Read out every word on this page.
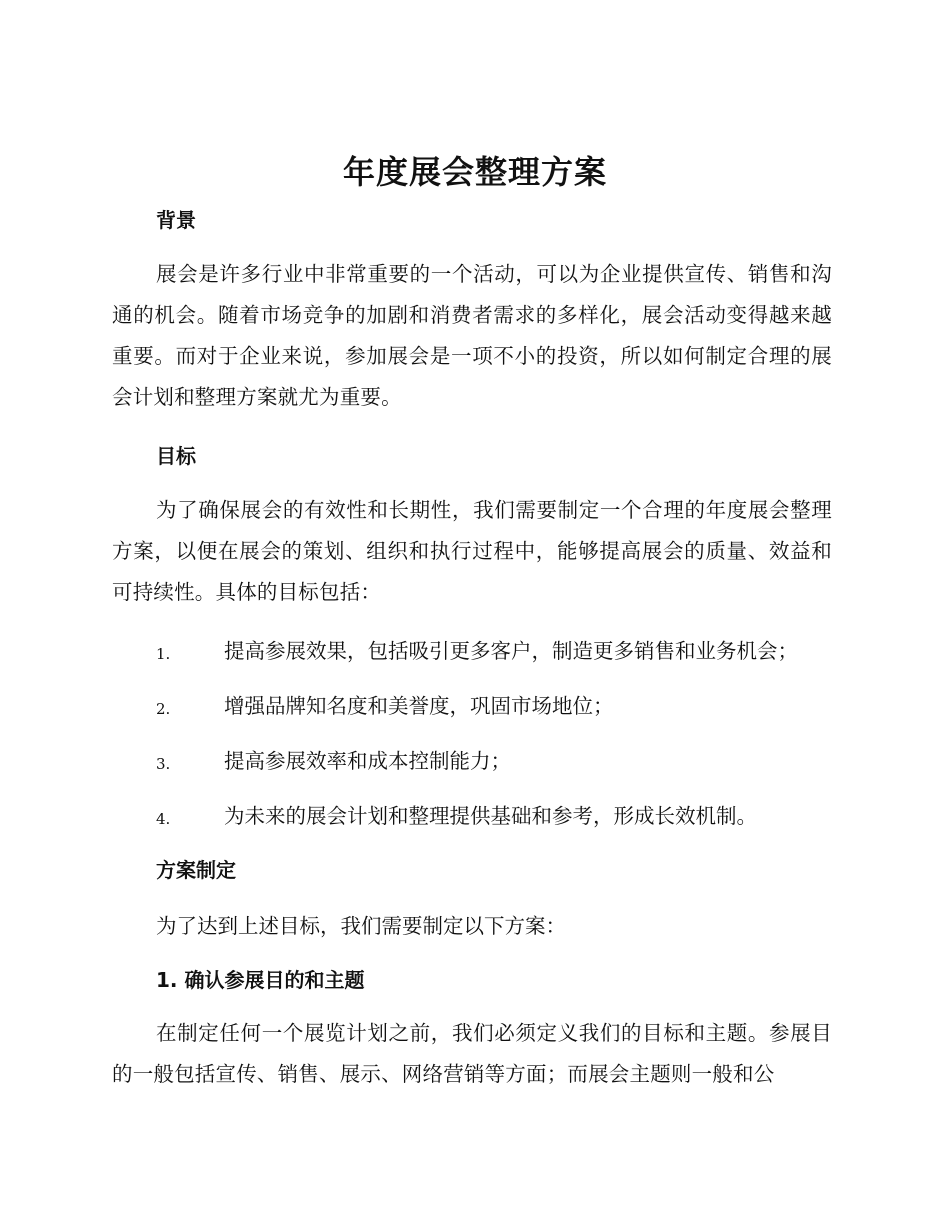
年度展会整理方案
背景
展会是许多行业中非常重要的一个活动，可以为企业提供宣传、销售和沟通的机会。随着市场竞争的加剧和消费者需求的多样化，展会活动变得越来越重要。而对于企业来说，参加展会是一项不小的投资，所以如何制定合理的展会计划和整理方案就尤为重要。
目标
为了确保展会的有效性和长期性，我们需要制定一个合理的年度展会整理方案，以便在展会的策划、组织和执行过程中，能够提高展会的质量、效益和可持续性。具体的目标包括：
1.	提高参展效果，包括吸引更多客户，制造更多销售和业务机会；
2.	增强品牌知名度和美誉度，巩固市场地位；
3.	提高参展效率和成本控制能力；
4.	为未来的展会计划和整理提供基础和参考，形成长效机制。
方案制定
为了达到上述目标，我们需要制定以下方案：
1. 确认参展目的和主题
在制定任何一个展览计划之前，我们必须定义我们的目标和主题。参展目的一般包括宣传、销售、展示、网络营销等方面；而展会主题则一般和公
